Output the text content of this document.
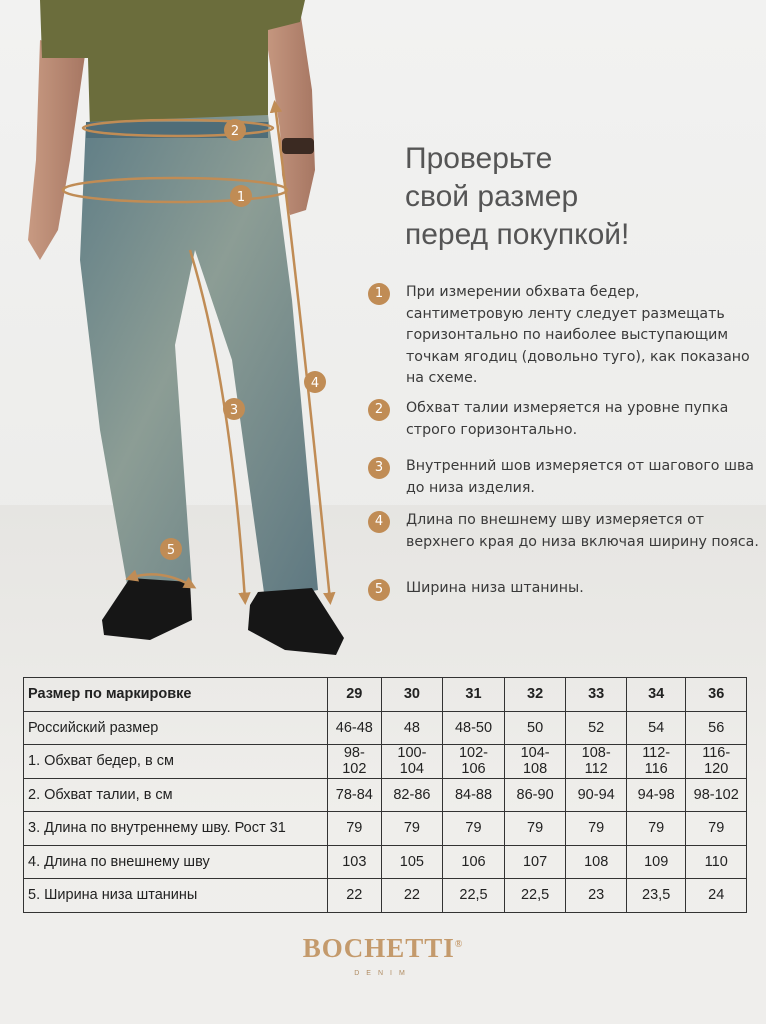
1
2
3
4
5
Проверьте
свой размер
перед покупкой!
1	При измерении обхвата бедер, сантиметровую ленту следует размещать горизонтально по наиболее выступающим точкам ягодиц (довольно туго), как показано на схеме.
2	Обхват талии измеряется на уровне пупка строго горизонтально.
3	Внутренний шов измеряется от шагового шва до низа изделия.
4	Длина по внешнему шву измеряется от верхнего края до низа включая ширину пояса.
5	Ширина низа штанины.
Размер по маркировке	29	30	31	32	33	34	36
Российский размер	46-48	48	48-50	50	52	54	56
1. Обхват бедер, в см	98-102	100-104	102-106	104-108	108-112	112-116	116-120
2. Обхват талии, в см	78-84	82-86	84-88	86-90	90-94	94-98	98-102
3. Длина по внутреннему шву. Рост 31	79	79	79	79	79	79	79
4. Длина по внешнему шву	103	105	106	107	108	109	110
5. Ширина низа штанины	22	22	22,5	22,5	23	23,5	24
BOCHETTI®
DENIM
